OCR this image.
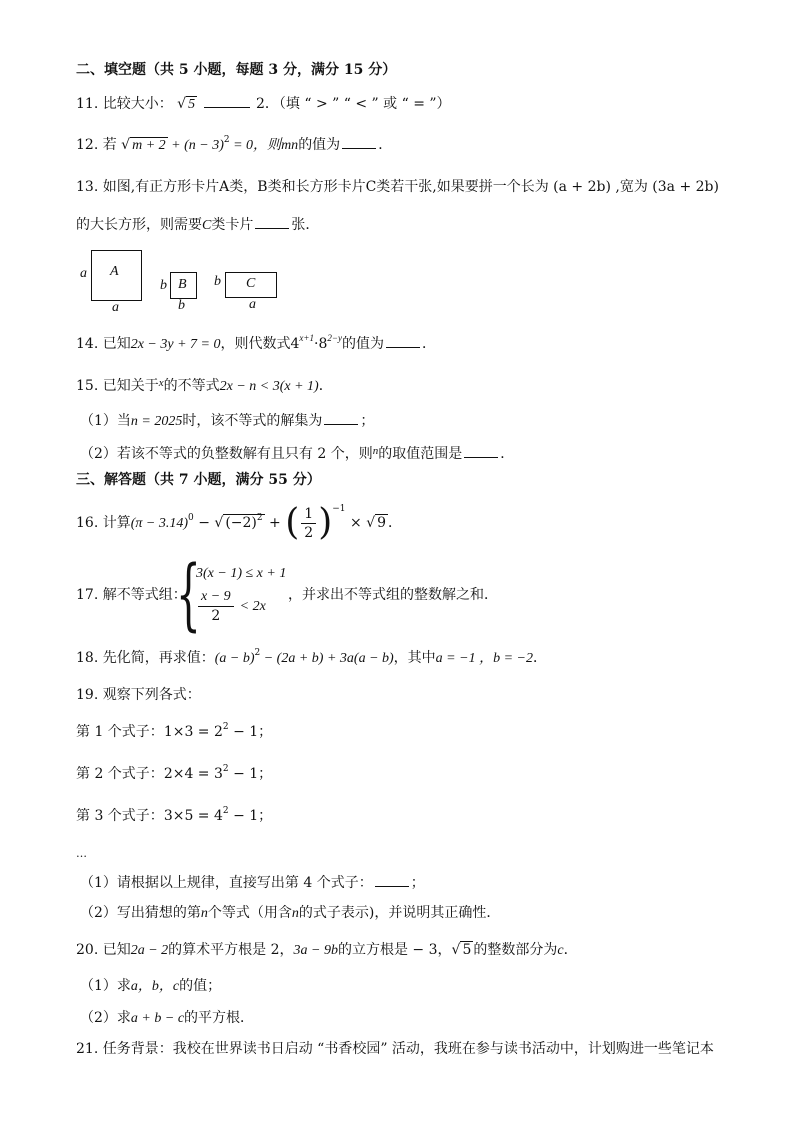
二、填空题（共 5 小题，每题 3 分，满分 15 分）
11. 比较大小： √ 5	2．（填 “ > ” “ < ” 或 “ = ”）
12. 若 √ $m + 2 + (n - 3)^2 = 0$，则mn的值为	．
13. 如图,有正方形卡片A类，B类和长方形卡片C类若干张,如果要拼一个长为 (a + 2b) ,宽为 (3a + 2b)
的大长方形，则需要C类卡片	张．
A
a
a
B
b
b
C
b
a
14. 已知2x − 3y + 7 = 0，则代数式$4^{x+1}\cdot 8^{2-y}$的值为	．
15. 已知关于$^x$的不等式2x − n < 3(x + 1)．
（1）当n = 2025时，该不等式的解集为	；
（2）若该不等式的负整数解有且只有 2 个，则$^n$的取值范围是	．
三、解答题（共 7 小题，满分 55 分）
16. 计算$(\pi - 3.14)^0$ − √ $(-2)^2$ + ( $\frac{1}{2} )^{-1}$ × √ 9 ．
17. 解不等式组：
{
3(x − 1) ≤ x + 1
$\frac{x - 9}{2} < 2x$
，并求出不等式组的整数解之和．
18. 先化简，再求值：$(a - b)^2 - (2a + b) + 3a(a - b)$，其中a = −1 ，b = −2．
19. 观察下列各式：
第 1 个式子：$1\times 3 = 2^2 - 1$；
第 2 个式子：$2\times 4 = 3^2 - 1$；
第 3 个式子：$3\times 5 = 4^2 - 1$；
…
（1）请根据以上规律，直接写出第 4 个式子：	；
（2）写出猜想的第n个等式（用含n的式子表示)，并说明其正确性．
20. 已知2a − 2的算术平方根是 2，3a − 9b的立方根是 − 3，√ 5 的整数部分为c．
（1）求a，b，c的值；
（2）求a + b − c的平方根．
21. 任务背景：我校在世界读书日启动 “书香校园” 活动，我班在参与读书活动中，计划购进一些笔记本
